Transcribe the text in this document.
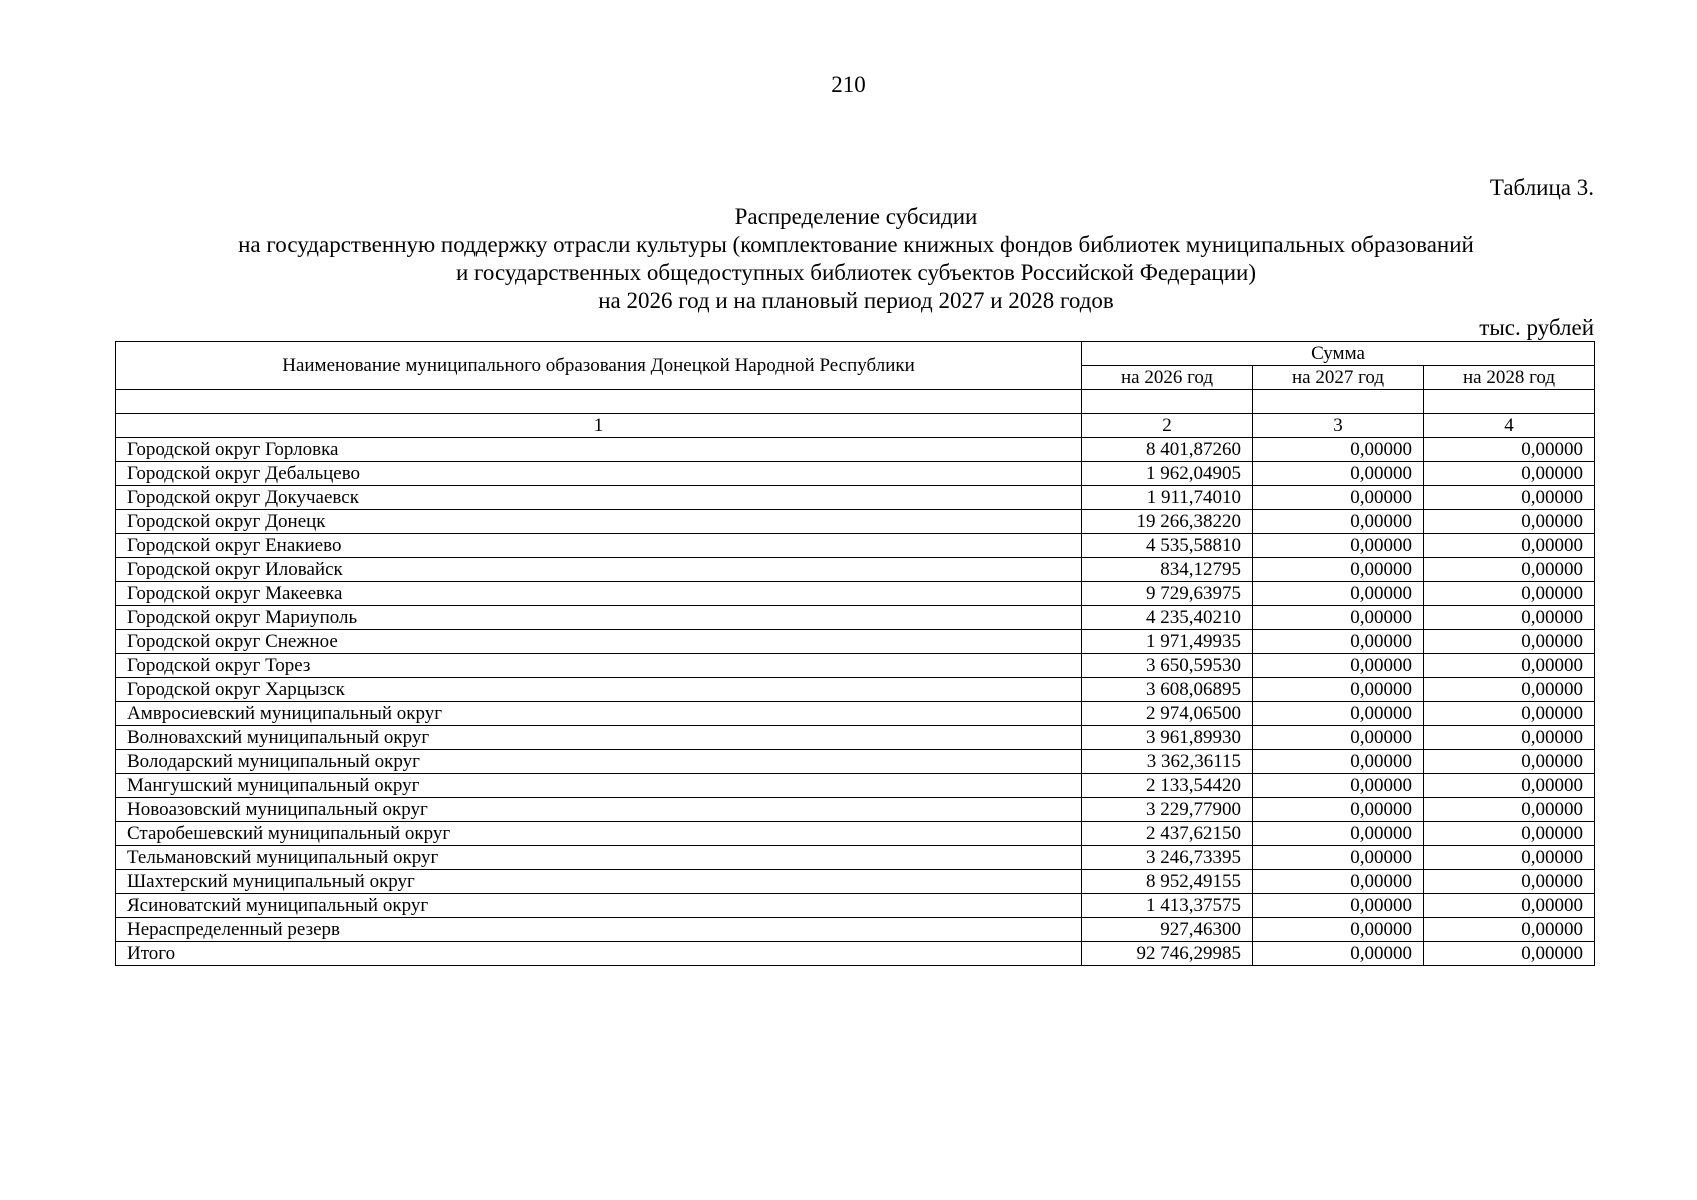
210
Таблица 3.
Распределение субсидии
на государственную поддержку отрасли культуры (комплектование книжных фондов библиотек муниципальных образований
и государственных общедоступных библиотек субъектов Российской Федерации)
на 2026 год и на плановый период 2027 и 2028 годов
тыс. рублей
Наименование муниципального образования Донецкой Народной Республики	Сумма		
	на 2026 год	на 2027 год	на 2028 год

1	2	3	4
Городской округ Горловка	8 401,87260	0,00000	0,00000
Городской округ Дебальцево	1 962,04905	0,00000	0,00000
Городской округ Докучаевск	1 911,74010	0,00000	0,00000
Городской округ Донецк	19 266,38220	0,00000	0,00000
Городской округ Енакиево	4 535,58810	0,00000	0,00000
Городской округ Иловайск	834,12795	0,00000	0,00000
Городской округ Макеевка	9 729,63975	0,00000	0,00000
Городской округ Мариуполь	4 235,40210	0,00000	0,00000
Городской округ Снежное	1 971,49935	0,00000	0,00000
Городской округ Торез	3 650,59530	0,00000	0,00000
Городской округ Харцызск	3 608,06895	0,00000	0,00000
Амвросиевский муниципальный округ	2 974,06500	0,00000	0,00000
Волновахский муниципальный округ	3 961,89930	0,00000	0,00000
Володарский муниципальный округ	3 362,36115	0,00000	0,00000
Мангушский муниципальный округ	2 133,54420	0,00000	0,00000
Новоазовский муниципальный округ	3 229,77900	0,00000	0,00000
Старобешевский муниципальный округ	2 437,62150	0,00000	0,00000
Тельмановский муниципальный округ	3 246,73395	0,00000	0,00000
Шахтерский муниципальный округ	8 952,49155	0,00000	0,00000
Ясиноватский муниципальный округ	1 413,37575	0,00000	0,00000
Нераспределенный резерв	927,46300	0,00000	0,00000
Итого	92 746,29985	0,00000	0,00000
